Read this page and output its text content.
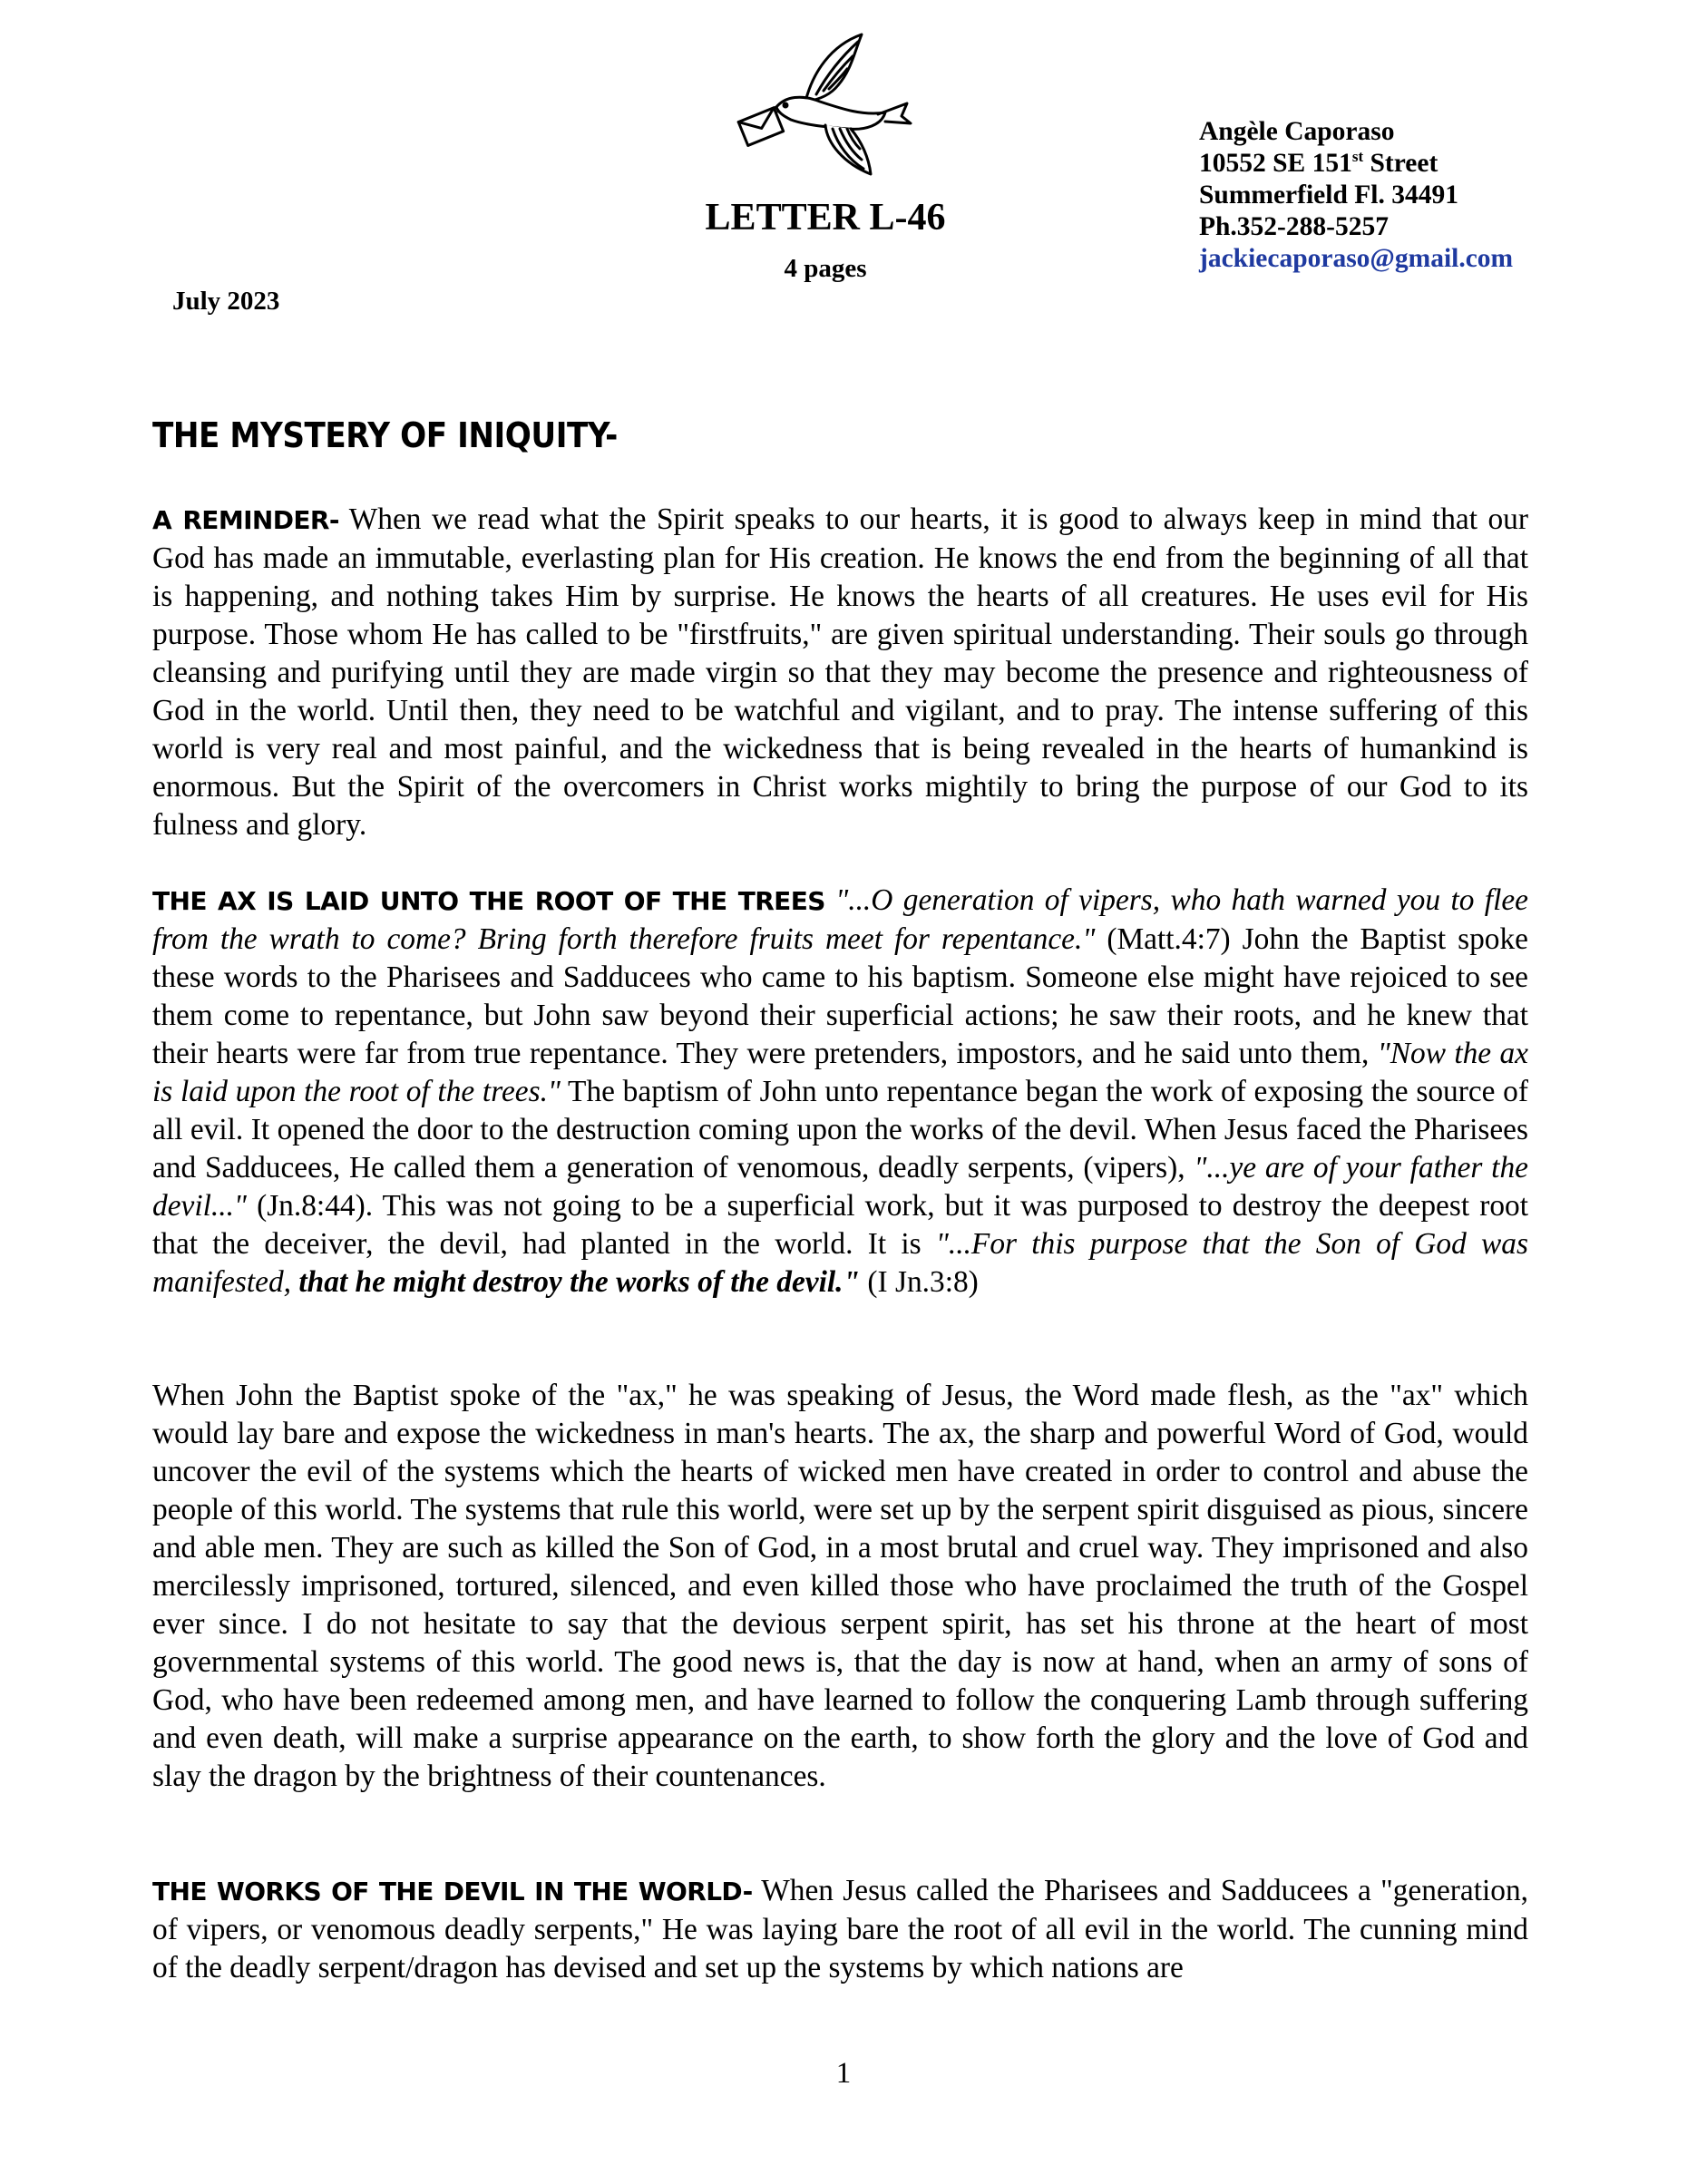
LETTER L-46
4 pages
July 2023
Angèle Caporaso
10552 SE 151st Street
Summerfield Fl. 34491
Ph.352-288-5257
jackiecaporaso@gmail.com
THE MYSTERY OF INIQUITY-

A REMINDER- When we read what the Spirit speaks to our hearts, it is good to always keep in mind that our God has made an immutable, everlasting plan for His creation. He knows the end from the beginning of all that is happening, and nothing takes Him by surprise. He knows the hearts of all creatures. He uses evil for His purpose. Those whom He has called to be "firstfruits," are given spiritual understanding. Their souls go through cleansing and purifying until they are made virgin so that they may become the presence and righteousness of God in the world. Until then, they need to be watchful and vigilant, and to pray. The intense suffering of this world is very real and most painful, and the wickedness that is being revealed in the hearts of humankind is enormous. But the Spirit of the overcomers in Christ works mightily to bring the purpose of our God to its fulness and glory.

THE AX IS LAID UNTO THE ROOT OF THE TREES "...O generation of vipers, who hath warned you to flee from the wrath to come? Bring forth therefore fruits meet for repentance." (Matt.4:7) John the Baptist spoke these words to the Pharisees and Sadducees who came to his baptism. Someone else might have rejoiced to see them come to repentance, but John saw beyond their superficial actions; he saw their roots, and he knew that their hearts were far from true repentance. They were pretenders, impostors, and he said unto them, "Now the ax is laid upon the root of the trees." The baptism of John unto repentance began the work of exposing the source of all evil. It opened the door to the destruction coming upon the works of the devil. When Jesus faced the Pharisees and Sadducees, He called them a generation of venomous, deadly serpents, (vipers), "...ye are of your father the devil..." (Jn.8:44). This was not going to be a superficial work, but it was purposed to destroy the deepest root that the deceiver, the devil, had planted in the world. It is "...For this purpose that the Son of God was manifested, that he might destroy the works of the devil." (I Jn.3:8)

When John the Baptist spoke of the "ax," he was speaking of Jesus, the Word made flesh, as the "ax" which would lay bare and expose the wickedness in man's hearts. The ax, the sharp and powerful Word of God, would uncover the evil of the systems which the hearts of wicked men have created in order to control and abuse the people of this world. The systems that rule this world, were set up by the serpent spirit disguised as pious, sincere and able men. They are such as killed the Son of God, in a most brutal and cruel way. They imprisoned and also mercilessly imprisoned, tortured, silenced, and even killed those who have proclaimed the truth of the Gospel ever since. I do not hesitate to say that the devious serpent spirit, has set his throne at the heart of most governmental systems of this world. The good news is, that the day is now at hand, when an army of sons of God, who have been redeemed among men, and have learned to follow the conquering Lamb through suffering and even death, will make a surprise appearance on the earth, to show forth the glory and the love of God and slay the dragon by the brightness of their countenances.

THE WORKS OF THE DEVIL IN THE WORLD- When Jesus called the Pharisees and Sadducees a "generation, of vipers, or venomous deadly serpents," He was laying bare the root of all evil in the world. The cunning mind of the deadly serpent/dragon has devised and set up the systems by which nations are

1
